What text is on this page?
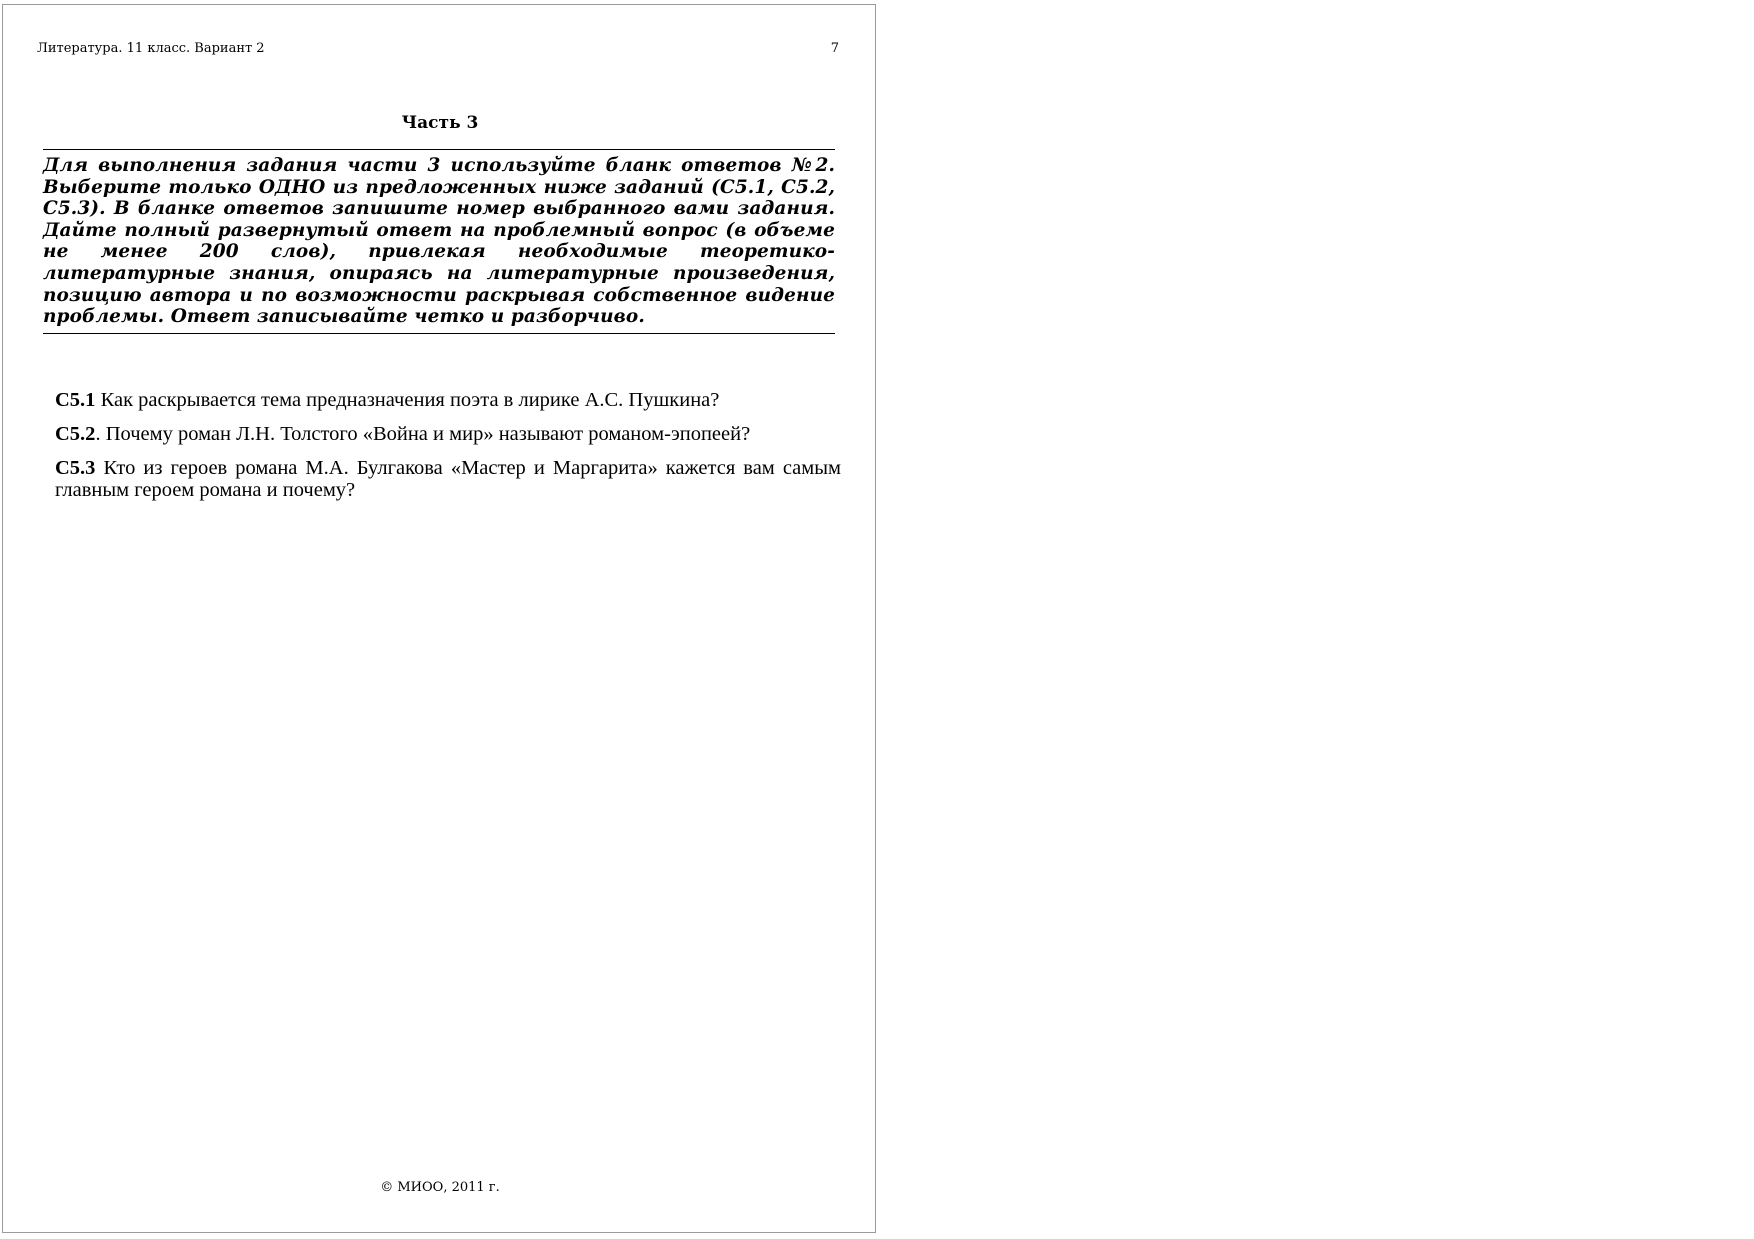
Литература. 11 класс. Вариант 2	7
Часть 3
Для выполнения задания части 3 используйте бланк ответов №2. Выберите только ОДНО из предложенных ниже заданий (С5.1, С5.2, С5.3). В бланке ответов запишите номер выбранного вами задания. Дайте полный развернутый ответ на проблемный вопрос (в объеме не менее 200 слов), привлекая необходимые теоретико-литературные знания, опираясь на литературные произведения, позицию автора и по возможности раскрывая собственное видение проблемы. Ответ записывайте четко и разборчиво.

С5.1 Как раскрывается тема предназначения поэта в лирике А.С. Пушкина?

С5.2. Почему роман Л.Н. Толстого «Война и мир» называют романом-эпопеей?

С5.3 Кто из героев романа М.А. Булгакова «Мастер и Маргарита» кажется вам самым главным героем романа и почему?

© МИОО, 2011 г.
